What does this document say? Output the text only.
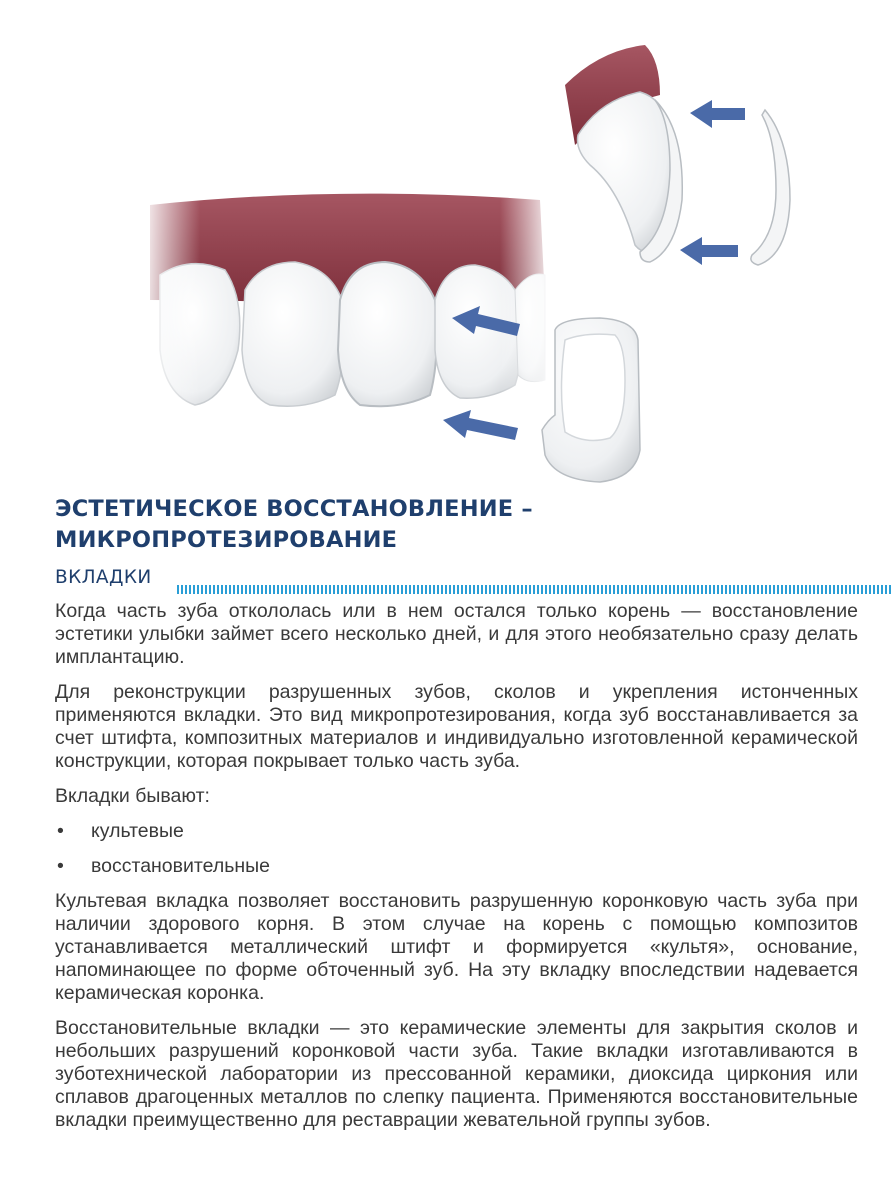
ЭСТЕТИЧЕСКОЕ ВОССТАНОВЛЕНИЕ –
МИКРОПРОТЕЗИРОВАНИЕ
ВКЛАДКИ

Когда часть зуба откололась или в нем остался только корень — восстановление эстетики улыбки займет всего несколько дней, и для этого необязательно сразу делать имплантацию.

Для реконструкции разрушенных зубов, сколов и укрепления истонченных применяются вкладки. Это вид микропротезирования, когда зуб восстанавливается за счет штифта, композитных материалов и индивидуально изготовленной керамической конструкции, которая покрывает только часть зуба.

Вкладки бывают:

• культевые
• восстановительные

Культевая вкладка позволяет восстановить разрушенную коронковую часть зуба при наличии здорового корня. В этом случае на корень с помощью композитов устанавливается металлический штифт и формируется «культя», основание, напоминающее по форме обточенный зуб. На эту вкладку впоследствии надевается керамическая коронка.

Восстановительные вкладки — это керамические элементы для закрытия сколов и небольших разрушений коронковой части зуба. Такие вкладки изготавливаются в зуботехнической лаборатории из прессованной керамики, диоксида циркония или сплавов драгоценных металлов по слепку пациента. Применяются восстановительные вкладки преимущественно для реставрации жевательной группы зубов.
